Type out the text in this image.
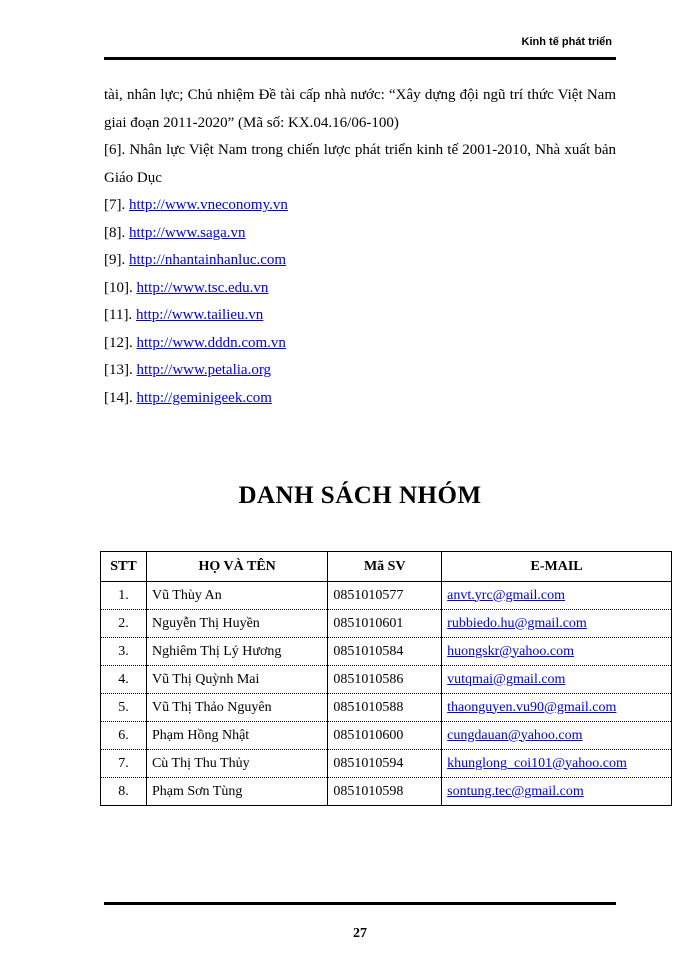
Kinh tế phát triển

tài, nhân lực; Chủ nhiệm Đề tài cấp nhà nước: “Xây dựng đội ngũ trí thức Việt Nam giai đoạn 2011-2020” (Mã số: KX.04.16/06-100)

[6]. Nhân lực Việt Nam trong chiến lược phát triển kinh tế 2001-2010, Nhà xuất bản Giáo Dục

[7]. http://www.vneconomy.vn
[8]. http://www.saga.vn
[9]. http://nhantainhanluc.com
[10]. http://www.tsc.edu.vn
[11]. http://www.tailieu.vn
[12]. http://www.dddn.com.vn
[13]. http://www.petalia.org
[14]. http://geminigeek.com
DANH SÁCH NHÓM
STT	HỌ VÀ TÊN	Mã SV	E-MAIL
1.	Vũ Thùy An	0851010577	anvt.yrc@gmail.com
2.	Nguyễn Thị Huyền	0851010601	rubbiedo.hu@gmail.com
3.	Nghiêm Thị Lý Hương	0851010584	huongskr@yahoo.com
4.	Vũ Thị Quỳnh Mai	0851010586	vutqmai@gmail.com
5.	Vũ Thị Thảo Nguyên	0851010588	thaonguyen.vu90@gmail.com
6.	Phạm Hồng Nhật	0851010600	cungdauan@yahoo.com
7.	Cù Thị Thu Thủy	0851010594	khunglong_coi101@yahoo.com
8.	Phạm Sơn Tùng	0851010598	sontung.tec@gmail.com
27
